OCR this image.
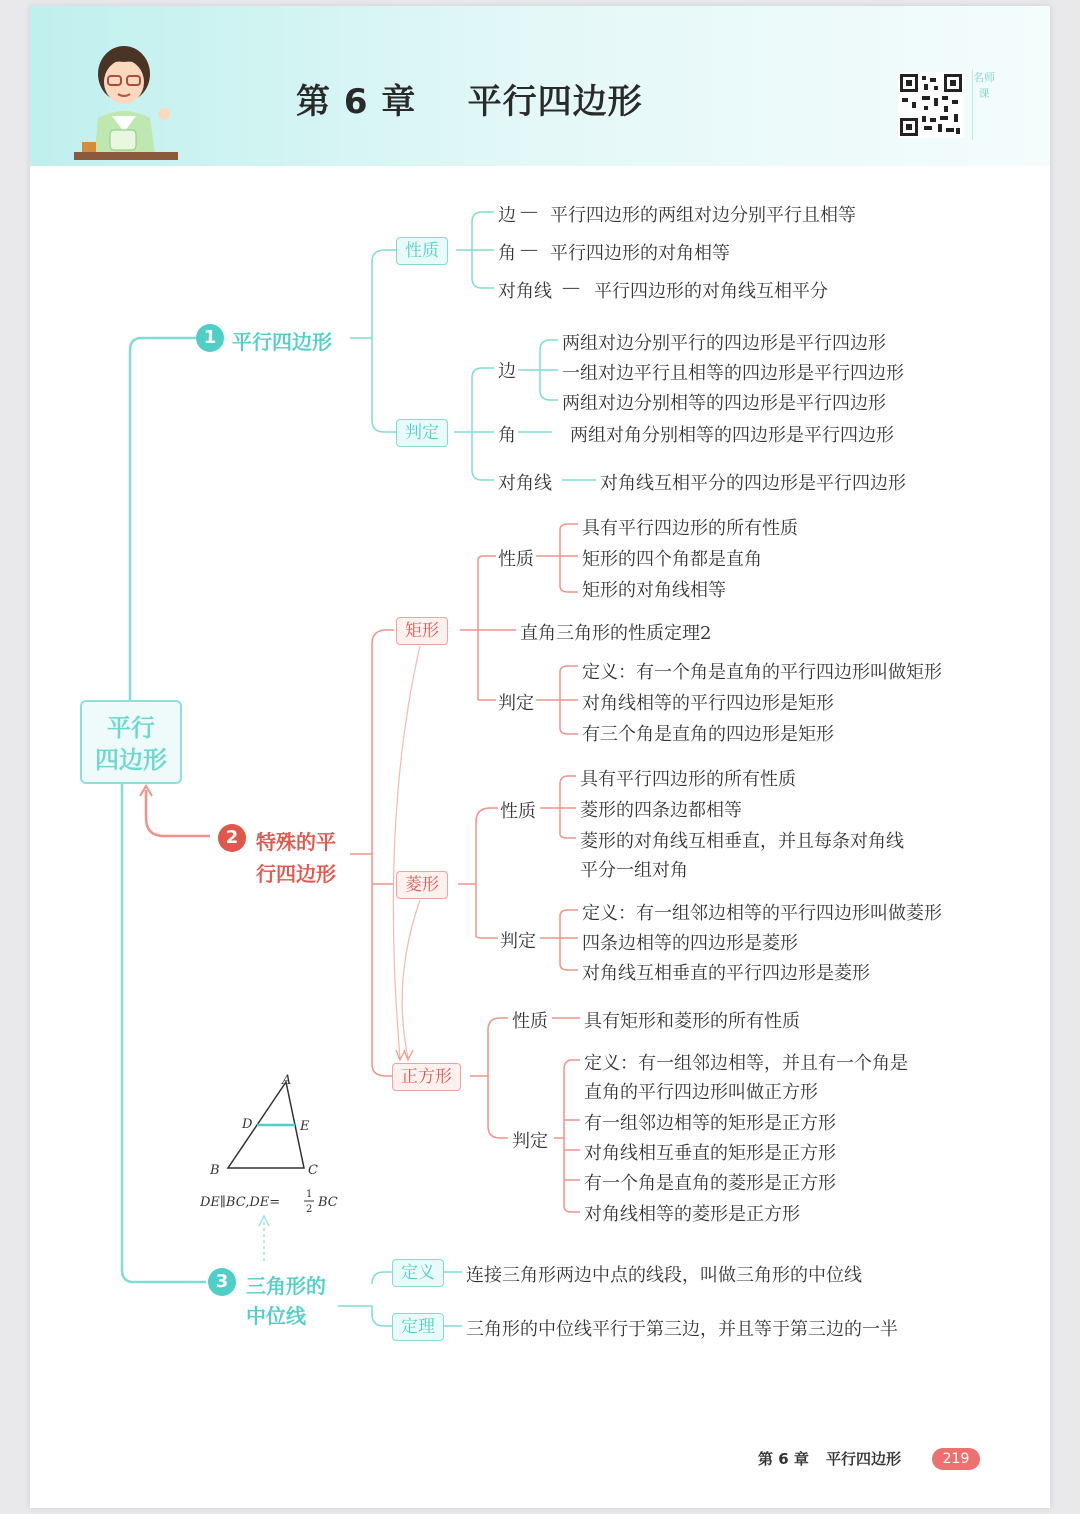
第 6 章    平行四边形
名师课
平行
四边形
1 平行四边形
性质
边 — 平行四边形的两组对边分别平行且相等
角 — 平行四边形的对角相等
对角线 — 平行四边形的对角线互相平分
判定
边
两组对边分别平行的四边形是平行四边形
一组对边平行且相等的四边形是平行四边形
两组对边分别相等的四边形是平行四边形
角	两组对角分别相等的四边形是平行四边形
对角线	对角线互相平分的四边形是平行四边形
2 特殊的平
行四边形
矩形
性质
具有平行四边形的所有性质
矩形的四个角都是直角
矩形的对角线相等
直角三角形的性质定理2
判定
定义：有一个角是直角的平行四边形叫做矩形
对角线相等的平行四边形是矩形
有三个角是直角的四边形是矩形
菱形
性质
具有平行四边形的所有性质
菱形的四条边都相等
菱形的对角线互相垂直，并且每条对角线
平分一组对角
判定
定义：有一组邻边相等的平行四边形叫做菱形
四条边相等的四边形是菱形
对角线互相垂直的平行四边形是菱形
正方形
性质 具有矩形和菱形的所有性质
判定
定义：有一组邻边相等，并且有一个角是
直角的平行四边形叫做正方形
有一组邻边相等的矩形是正方形
对角线相互垂直的矩形是正方形
有一个角是直角的菱形是正方形
对角线相等的菱形是正方形
A
D	E
B	C
DE∥BC,DE=
1
2 BC
3 三角形的
中位线
定义	连接三角形两边中点的线段，叫做三角形的中位线
定理	三角形的中位线平行于第三边，并且等于第三边的一半
第 6 章 平行四边形	219
